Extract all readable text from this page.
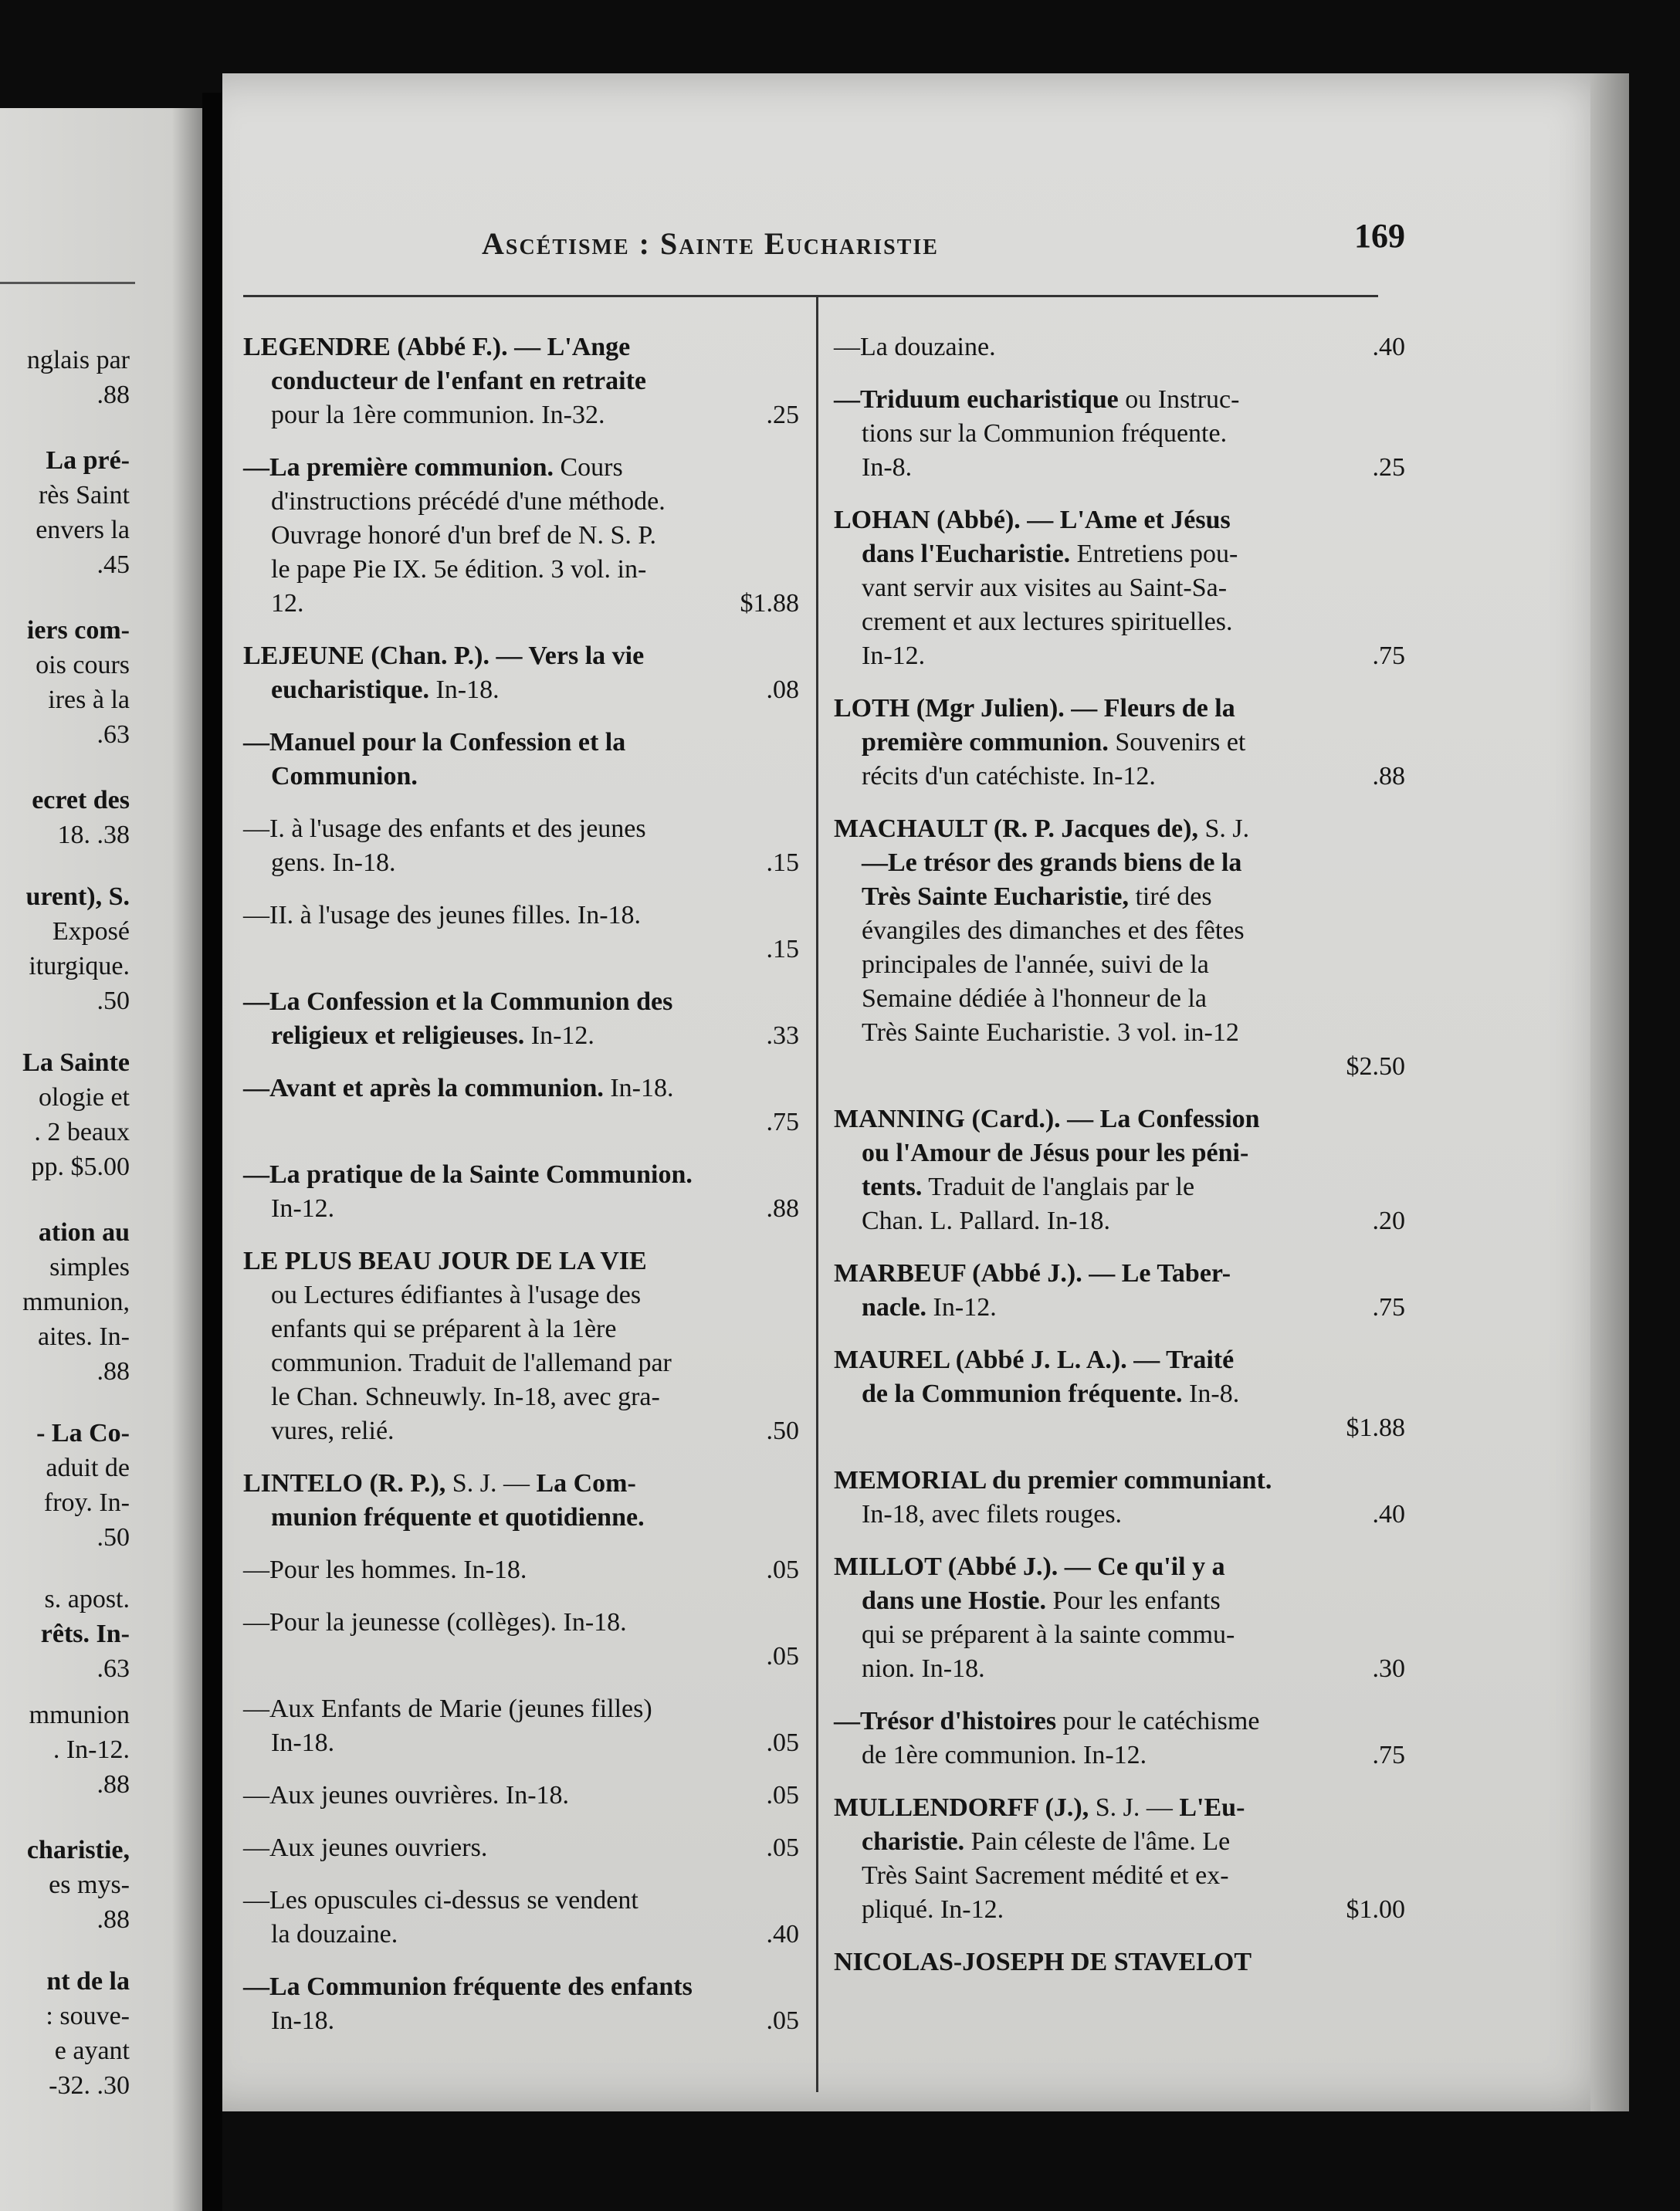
nglais par
.88
La pré-
rès Saint
envers la
.45
iers com-
ois cours
ires à la
.63
ecret des
18. .38
urent), S.
Exposé
iturgique.
.50
La Sainte
ologie et
. 2 beaux
pp. $5.00
ation au
simples
mmunion,
aites. In-
.88
- La Co-
aduit de
froy. In-
.50
s. apost.
rêts. In-
.63
mmunion
. In-12.
.88
charistie,
es mys-
.88
nt de la
: souve-
e ayant
-32. .30
Ascétisme : Sainte Eucharistie	169
LEGENDRE (Abbé F.). — L'Ange
conducteur de l'enfant en retraite
pour la 1ère communion. In-32.	.25
—La première communion. Cours
d'instructions précédé d'une méthode.
Ouvrage honoré d'un bref de N. S. P.
le pape Pie IX. 5e édition. 3 vol. in-
12.	$1.88
LEJEUNE (Chan. P.). — Vers la vie
eucharistique. In-18.	.08
—Manuel pour la Confession et la
Communion.
—I. à l'usage des enfants et des jeunes
gens. In-18.	.15
—II. à l'usage des jeunes filles. In-18.
.15
—La Confession et la Communion des
religieux et religieuses. In-12.	.33
—Avant et après la communion. In-18.
.75
—La pratique de la Sainte Communion.
In-12.	.88
LE PLUS BEAU JOUR DE LA VIE
ou Lectures édifiantes à l'usage des
enfants qui se préparent à la 1ère
communion. Traduit de l'allemand par
le Chan. Schneuwly. In-18, avec gra-
vures, relié.	.50
LINTELO (R. P.), S. J. — La Com-
munion fréquente et quotidienne.
—Pour les hommes. In-18.	.05
—Pour la jeunesse (collèges). In-18.
.05
—Aux Enfants de Marie (jeunes filles)
In-18.	.05
—Aux jeunes ouvrières. In-18.	.05
—Aux jeunes ouvriers.	.05
—Les opuscules ci-dessus se vendent
la douzaine.	.40
—La Communion fréquente des enfants
In-18.	.05
—La douzaine.	.40
—Triduum eucharistique ou Instruc-
tions sur la Communion fréquente.
In-8.	.25
LOHAN (Abbé). — L'Ame et Jésus
dans l'Eucharistie. Entretiens pou-
vant servir aux visites au Saint-Sa-
crement et aux lectures spirituelles.
In-12.	.75
LOTH (Mgr Julien). — Fleurs de la
première communion. Souvenirs et
récits d'un catéchiste. In-12.	.88
MACHAULT (R. P. Jacques de), S. J.
—Le trésor des grands biens de la
Très Sainte Eucharistie, tiré des
évangiles des dimanches et des fêtes
principales de l'année, suivi de la
Semaine dédiée à l'honneur de la
Très Sainte Eucharistie. 3 vol. in-12
$2.50
MANNING (Card.). — La Confession
ou l'Amour de Jésus pour les péni-
tents. Traduit de l'anglais par le
Chan. L. Pallard. In-18.	.20
MARBEUF (Abbé J.). — Le Taber-
nacle. In-12.	.75
MAUREL (Abbé J. L. A.). — Traité
de la Communion fréquente. In-8.
$1.88
MEMORIAL du premier communiant.
In-18, avec filets rouges.	.40
MILLOT (Abbé J.). — Ce qu'il y a
dans une Hostie. Pour les enfants
qui se préparent à la sainte commu-
nion. In-18.	.30
—Trésor d'histoires pour le catéchisme
de 1ère communion. In-12.	.75
MULLENDORFF (J.), S. J. — L'Eu-
charistie. Pain céleste de l'âme. Le
Très Saint Sacrement médité et ex-
pliqué. In-12.	$1.00
NICOLAS-JOSEPH DE STAVELOT
